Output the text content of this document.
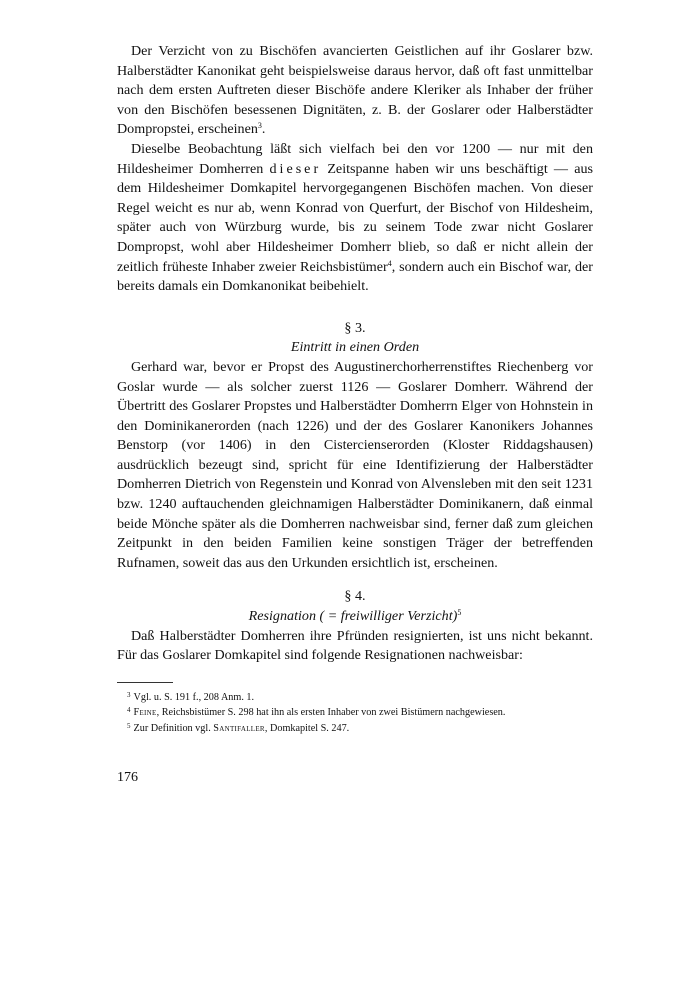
Der Verzicht von zu Bischöfen avancierten Geistlichen auf ihr Goslarer bzw. Halberstädter Kanonikat geht beispielsweise daraus hervor, daß oft fast unmittelbar nach dem ersten Auftreten dieser Bischöfe andere Kleriker als Inhaber der früher von den Bischöfen besessenen Dignitäten, z. B. der Goslarer oder Halberstädter Dompropstei, erscheinen$^3$.

Dieselbe Beobachtung läßt sich vielfach bei den vor 1200 — nur mit den Hildesheimer Domherren dieser Zeitspanne haben wir uns beschäftigt — aus dem Hildesheimer Domkapitel hervorgegangenen Bischöfen machen. Von dieser Regel weicht es nur ab, wenn Konrad von Querfurt, der Bischof von Hildesheim, später auch von Würzburg wurde, bis zu seinem Tode zwar nicht Goslarer Dompropst, wohl aber Hildesheimer Domherr blieb, so daß er nicht allein der zeitlich früheste Inhaber zweier Reichsbistümer$^4$, sondern auch ein Bischof war, der bereits damals ein Domkanonikat beibehielt.

§ 3.

Eintritt in einen Orden

Gerhard war, bevor er Propst des Augustinerchorherrenstiftes Riechenberg vor Goslar wurde — als solcher zuerst 1126 — Goslarer Domherr. Während der Übertritt des Goslarer Propstes und Halberstädter Domherrn Elger von Hohnstein in den Dominikanerorden (nach 1226) und der des Goslarer Kanonikers Johannes Benstorp (vor 1406) in den Cistercienserorden (Kloster Riddagshausen) ausdrücklich bezeugt sind, spricht für eine Identifizierung der Halberstädter Domherren Dietrich von Regenstein und Konrad von Alvensleben mit den seit 1231 bzw. 1240 auftauchenden gleichnamigen Halberstädter Dominikanern, daß einmal beide Mönche später als die Domherren nachweisbar sind, ferner daß zum gleichen Zeitpunkt in den beiden Familien keine sonstigen Träger der betreffenden Rufnamen, soweit das aus den Urkunden ersichtlich ist, erscheinen.

§ 4.

Resignation ( = freiwilliger Verzicht)$^5$

Daß Halberstädter Domherren ihre Pfründen resignierten, ist uns nicht bekannt. Für das Goslarer Domkapitel sind folgende Resignationen nachweisbar:

$^3$ Vgl. u. S. 191 f., 208 Anm. 1.

$^4$ Feine, Reichsbistümer S. 298 hat ihn als ersten Inhaber von zwei Bistümern nachgewiesen.

$^5$ Zur Definition vgl. Santifaller, Domkapitel S. 247.

176
